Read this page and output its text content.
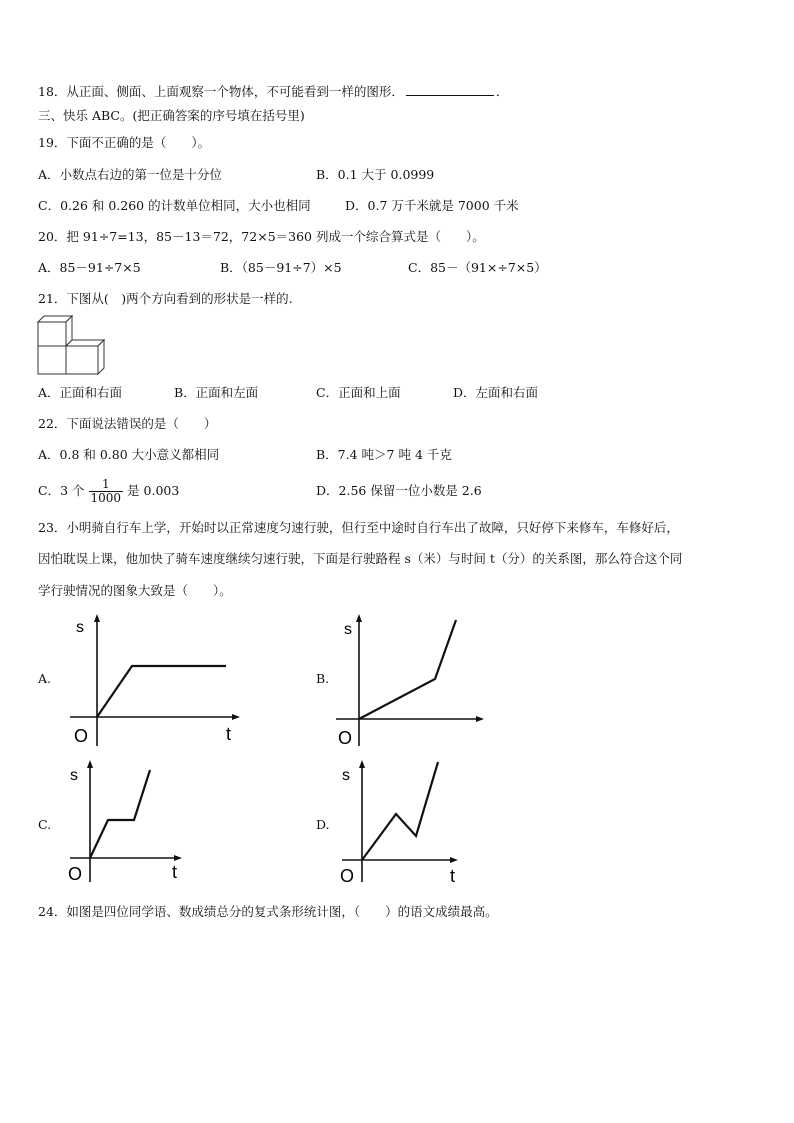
18．从正面、侧面、上面观察一个物体，不可能看到一样的图形．	．
三、快乐 ABC。(把正确答案的序号填在括号里)
19．下面不正确的是（　　）。
A．小数点右边的第一位是十分位	B．0.1 大于 0.0999
C．0.26 和 0.260 的计数单位相同，大小也相同	D．0.7 万千米就是 7000 千米
20．把 91÷7=13，85－13＝72，72×5＝360 列成一个综合算式是（　　）。
A．85－91÷7×5	B．（85－91÷7）×5	C．85－（91×÷7×5）
21．下图从(　)两个方向看到的形状是一样的.
A．正面和右面	B．正面和左面	C．正面和上面	D．左面和右面
22．下面说法错误的是（　　）
A．0.8 和 0.80 大小意义都相同	B．7.4 吨＞7 吨 4 千克
C．3 个 $\frac{1}{1000}$ 是 0.003	D．2.56 保留一位小数是 2.6
23．小明骑自行车上学，开始时以正常速度匀速行驶，但行至中途时自行车出了故障，只好停下来修车，车修好后，
因怕耽误上课，他加快了骑车速度继续匀速行驶，下面是行驶路程 s（米）与时间 t（分）的关系图，那么符合这个同
学行驶情况的图象大致是（　　）。
A.
s
O	t
B.
s
O
C.
s
O	t
D.
s
O	t
24．如图是四位同学语、数成绩总分的复式条形统计图，（　　）的语文成绩最高。
